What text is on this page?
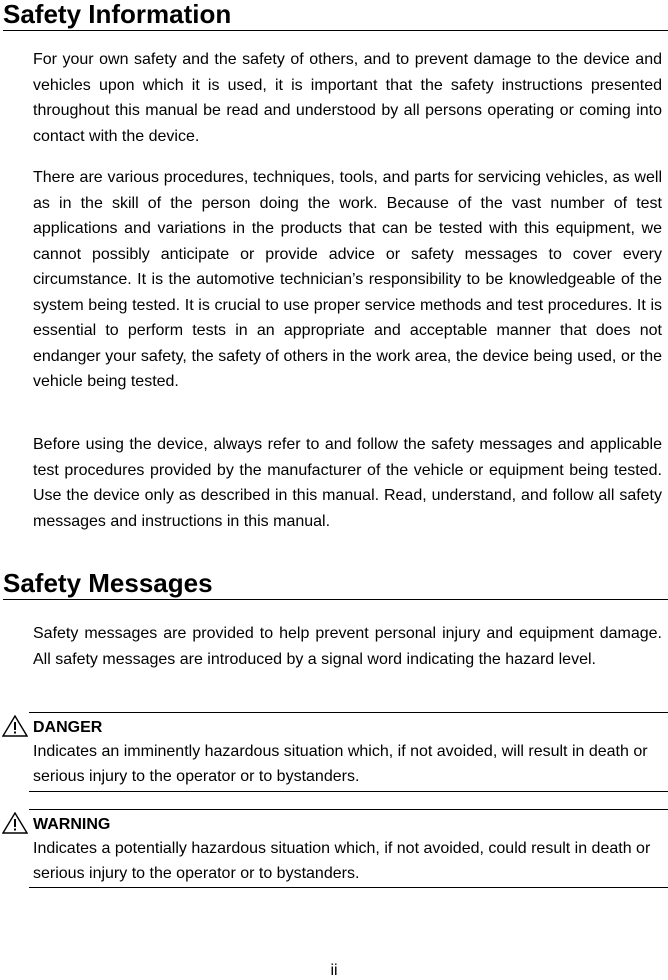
Safety Information

For your own safety and the safety of others, and to prevent damage to the device and vehicles upon which it is used, it is important that the safety instructions presented throughout this manual be read and understood by all persons operating or coming into contact with the device.

There are various procedures, techniques, tools, and parts for servicing vehicles, as well as in the skill of the person doing the work. Because of the vast number of test applications and variations in the products that can be tested with this equipment, we cannot possibly anticipate or provide advice or safety messages to cover every circumstance. It is the automotive technician’s responsibility to be knowledgeable of the system being tested. It is crucial to use proper service methods and test procedures. It is essential to perform tests in an appropriate and acceptable manner that does not endanger your safety, the safety of others in the work area, the device being used, or the vehicle being tested.

Before using the device, always refer to and follow the safety messages and applicable test procedures provided by the manufacturer of the vehicle or equipment being tested. Use the device only as described in this manual. Read, understand, and follow all safety messages and instructions in this manual.

Safety Messages

Safety messages are provided to help prevent personal injury and equipment damage. All safety messages are introduced by a signal word indicating the hazard level.

DANGER
Indicates an imminently hazardous situation which, if not avoided, will result in death or serious injury to the operator or to bystanders.
WARNING
Indicates a potentially hazardous situation which, if not avoided, could result in death or serious injury to the operator or to bystanders.
ii
